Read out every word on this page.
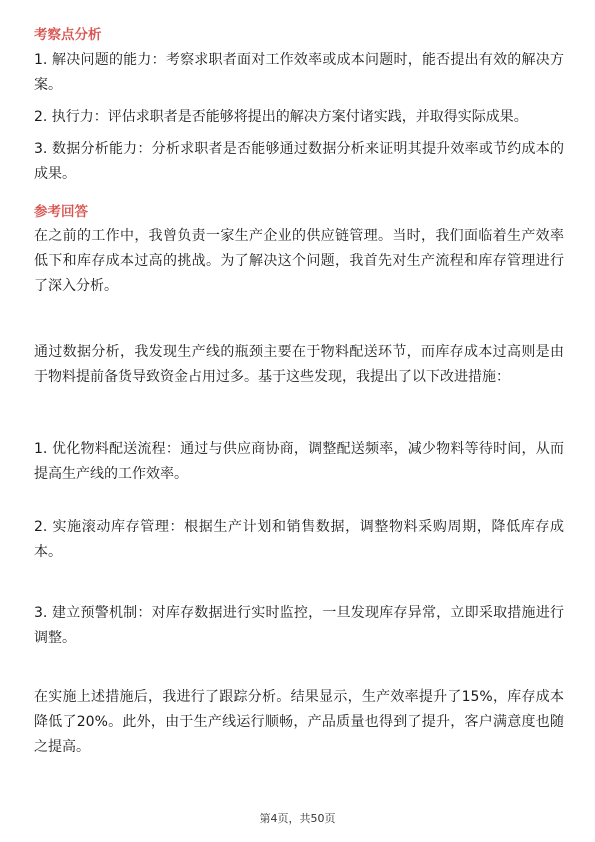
考察点分析

1. 解决问题的能力：考察求职者面对工作效率或成本问题时，能否提出有效的解决方案。

2. 执行力：评估求职者是否能够将提出的解决方案付诸实践，并取得实际成果。

3. 数据分析能力：分析求职者是否能够通过数据分析来证明其提升效率或节约成本的成果。

参考回答

在之前的工作中，我曾负责一家生产企业的供应链管理。当时，我们面临着生产效率低下和库存成本过高的挑战。为了解决这个问题，我首先对生产流程和库存管理进行了深入分析。

通过数据分析，我发现生产线的瓶颈主要在于物料配送环节，而库存成本过高则是由于物料提前备货导致资金占用过多。基于这些发现，我提出了以下改进措施：

1. 优化物料配送流程：通过与供应商协商，调整配送频率，减少物料等待时间，从而提高生产线的工作效率。

2. 实施滚动库存管理：根据生产计划和销售数据，调整物料采购周期，降低库存成本。

3. 建立预警机制：对库存数据进行实时监控，一旦发现库存异常，立即采取措施进行调整。

在实施上述措施后，我进行了跟踪分析。结果显示，生产效率提升了15%，库存成本降低了20%。此外，由于生产线运行顺畅，产品质量也得到了提升，客户满意度也随之提高。

第4页，共50页
